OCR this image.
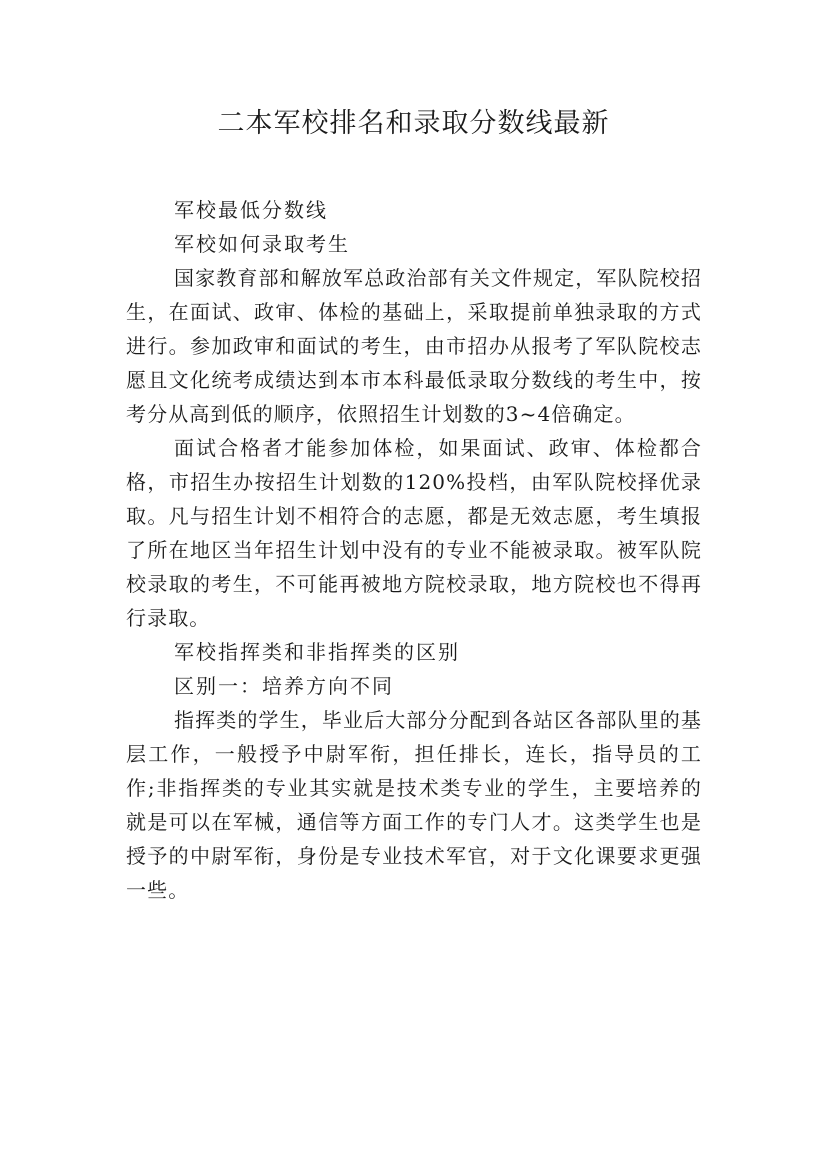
二本军校排名和录取分数线最新

军校最低分数线

军校如何录取考生

国家教育部和解放军总政治部有关文件规定，军队院校招生，在面试、政审、体检的基础上，采取提前单独录取的方式进行。参加政审和面试的考生，由市招办从报考了军队院校志愿且文化统考成绩达到本市本科最低录取分数线的考生中，按考分从高到低的顺序，依照招生计划数的3~4倍确定。

面试合格者才能参加体检，如果面试、政审、体检都合格，市招生办按招生计划数的120%投档，由军队院校择优录取。凡与招生计划不相符合的志愿，都是无效志愿，考生填报了所在地区当年招生计划中没有的专业不能被录取。被军队院校录取的考生，不可能再被地方院校录取，地方院校也不得再行录取。

军校指挥类和非指挥类的区别

区别一：培养方向不同

指挥类的学生，毕业后大部分分配到各站区各部队里的基层工作，一般授予中尉军衔，担任排长，连长，指导员的工作;非指挥类的专业其实就是技术类专业的学生，主要培养的就是可以在军械，通信等方面工作的专门人才。这类学生也是授予的中尉军衔，身份是专业技术军官，对于文化课要求更强一些。
